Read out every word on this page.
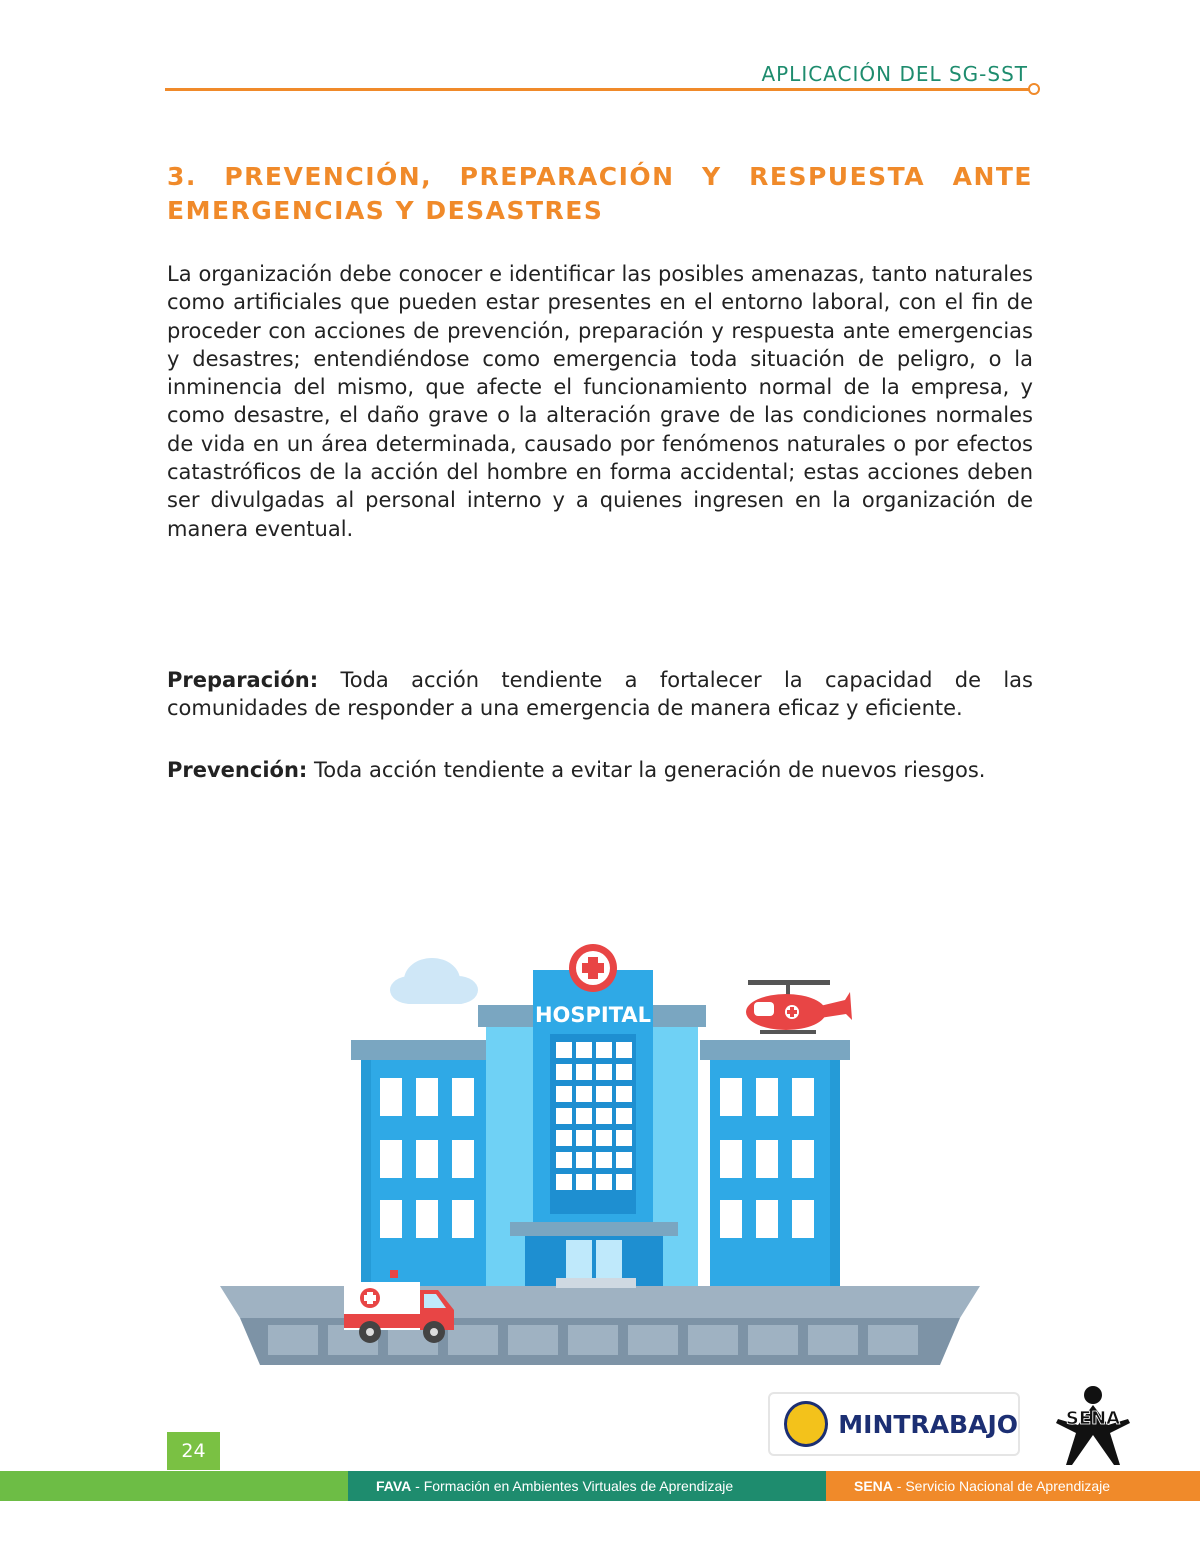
APLICACIÓN DEL SG-SST
3. PREVENCIÓN, PREPARACIÓN Y RESPUESTA ANTE EMERGENCIAS Y DESASTRES

La organización debe conocer e identificar las posibles amenazas, tanto naturales como artificiales que pueden estar presentes en el entorno laboral, con el fin de proceder con acciones de prevención, preparación y respuesta ante emergencias y desastres; entendiéndose como emergencia toda situación de peligro, o la inminencia del mismo, que afecte el funcionamiento normal de la empresa, y como desastre, el daño grave o la alteración grave de las condiciones normales de vida en un área determinada, causado por fenómenos naturales o por efectos catastróficos de la acción del hombre en forma accidental; estas acciones deben ser divulgadas al personal interno y a quienes ingresen en la organización de manera eventual.

Preparación: Toda acción tendiente a fortalecer la capacidad de las comunidades de responder a una emergencia de manera eficaz y eficiente.

Prevención: Toda acción tendiente a evitar la generación de nuevos riesgos.

HOSPITAL
MINTRABAJO	SENA
24
FAVA - Formación en Ambientes Virtuales de Aprendizaje	SENA - Servicio Nacional de Aprendizaje
